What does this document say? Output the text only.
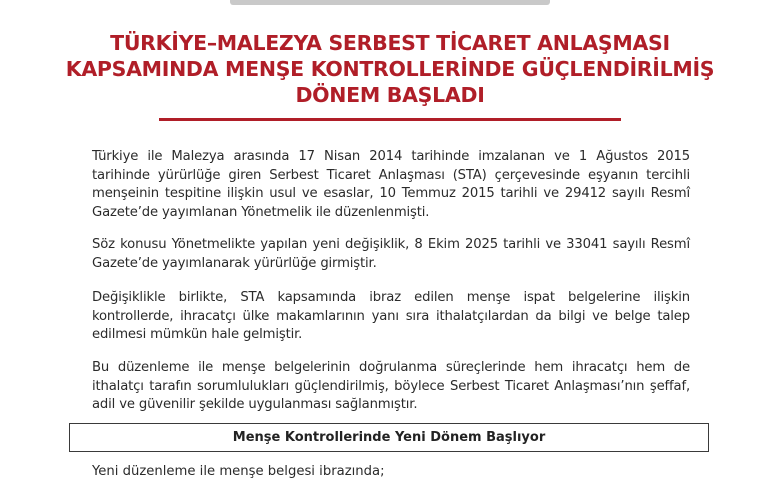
TÜRKİYE–MALEZYA SERBEST TİCARET ANLAŞMASI
KAPSAMINDA MENŞE KONTROLLERİNDE GÜÇLENDİRİLMİŞ
DÖNEM BAŞLADI
Türkiye ile Malezya arasında 17 Nisan 2014 tarihinde imzalanan ve 1 Ağustos 2015 tarihinde yürürlüğe giren Serbest Ticaret Anlaşması (STA) çerçevesinde eşyanın tercihli menşeinin tespitine ilişkin usul ve esaslar, 10 Temmuz 2015 tarihli ve 29412 sayılı Resmî Gazete’de yayımlanan Yönetmelik ile düzenlenmişti.
Söz konusu Yönetmelikte yapılan yeni değişiklik, 8 Ekim 2025 tarihli ve 33041 sayılı Resmî Gazete’de yayımlanarak yürürlüğe girmiştir.
Değişiklikle birlikte, STA kapsamında ibraz edilen menşe ispat belgelerine ilişkin kontrollerde, ihracatçı ülke makamlarının yanı sıra ithalatçılardan da bilgi ve belge talep edilmesi mümkün hale gelmiştir.
Bu düzenleme ile menşe belgelerinin doğrulanma süreçlerinde hem ihracatçı hem de ithalatçı tarafın sorumlulukları güçlendirilmiş, böylece Serbest Ticaret Anlaşması’nın şeffaf, adil ve güvenilir şekilde uygulanması sağlanmıştır.
Menşe Kontrollerinde Yeni Dönem Başlıyor
Yeni düzenleme ile menşe belgesi ibrazında;
